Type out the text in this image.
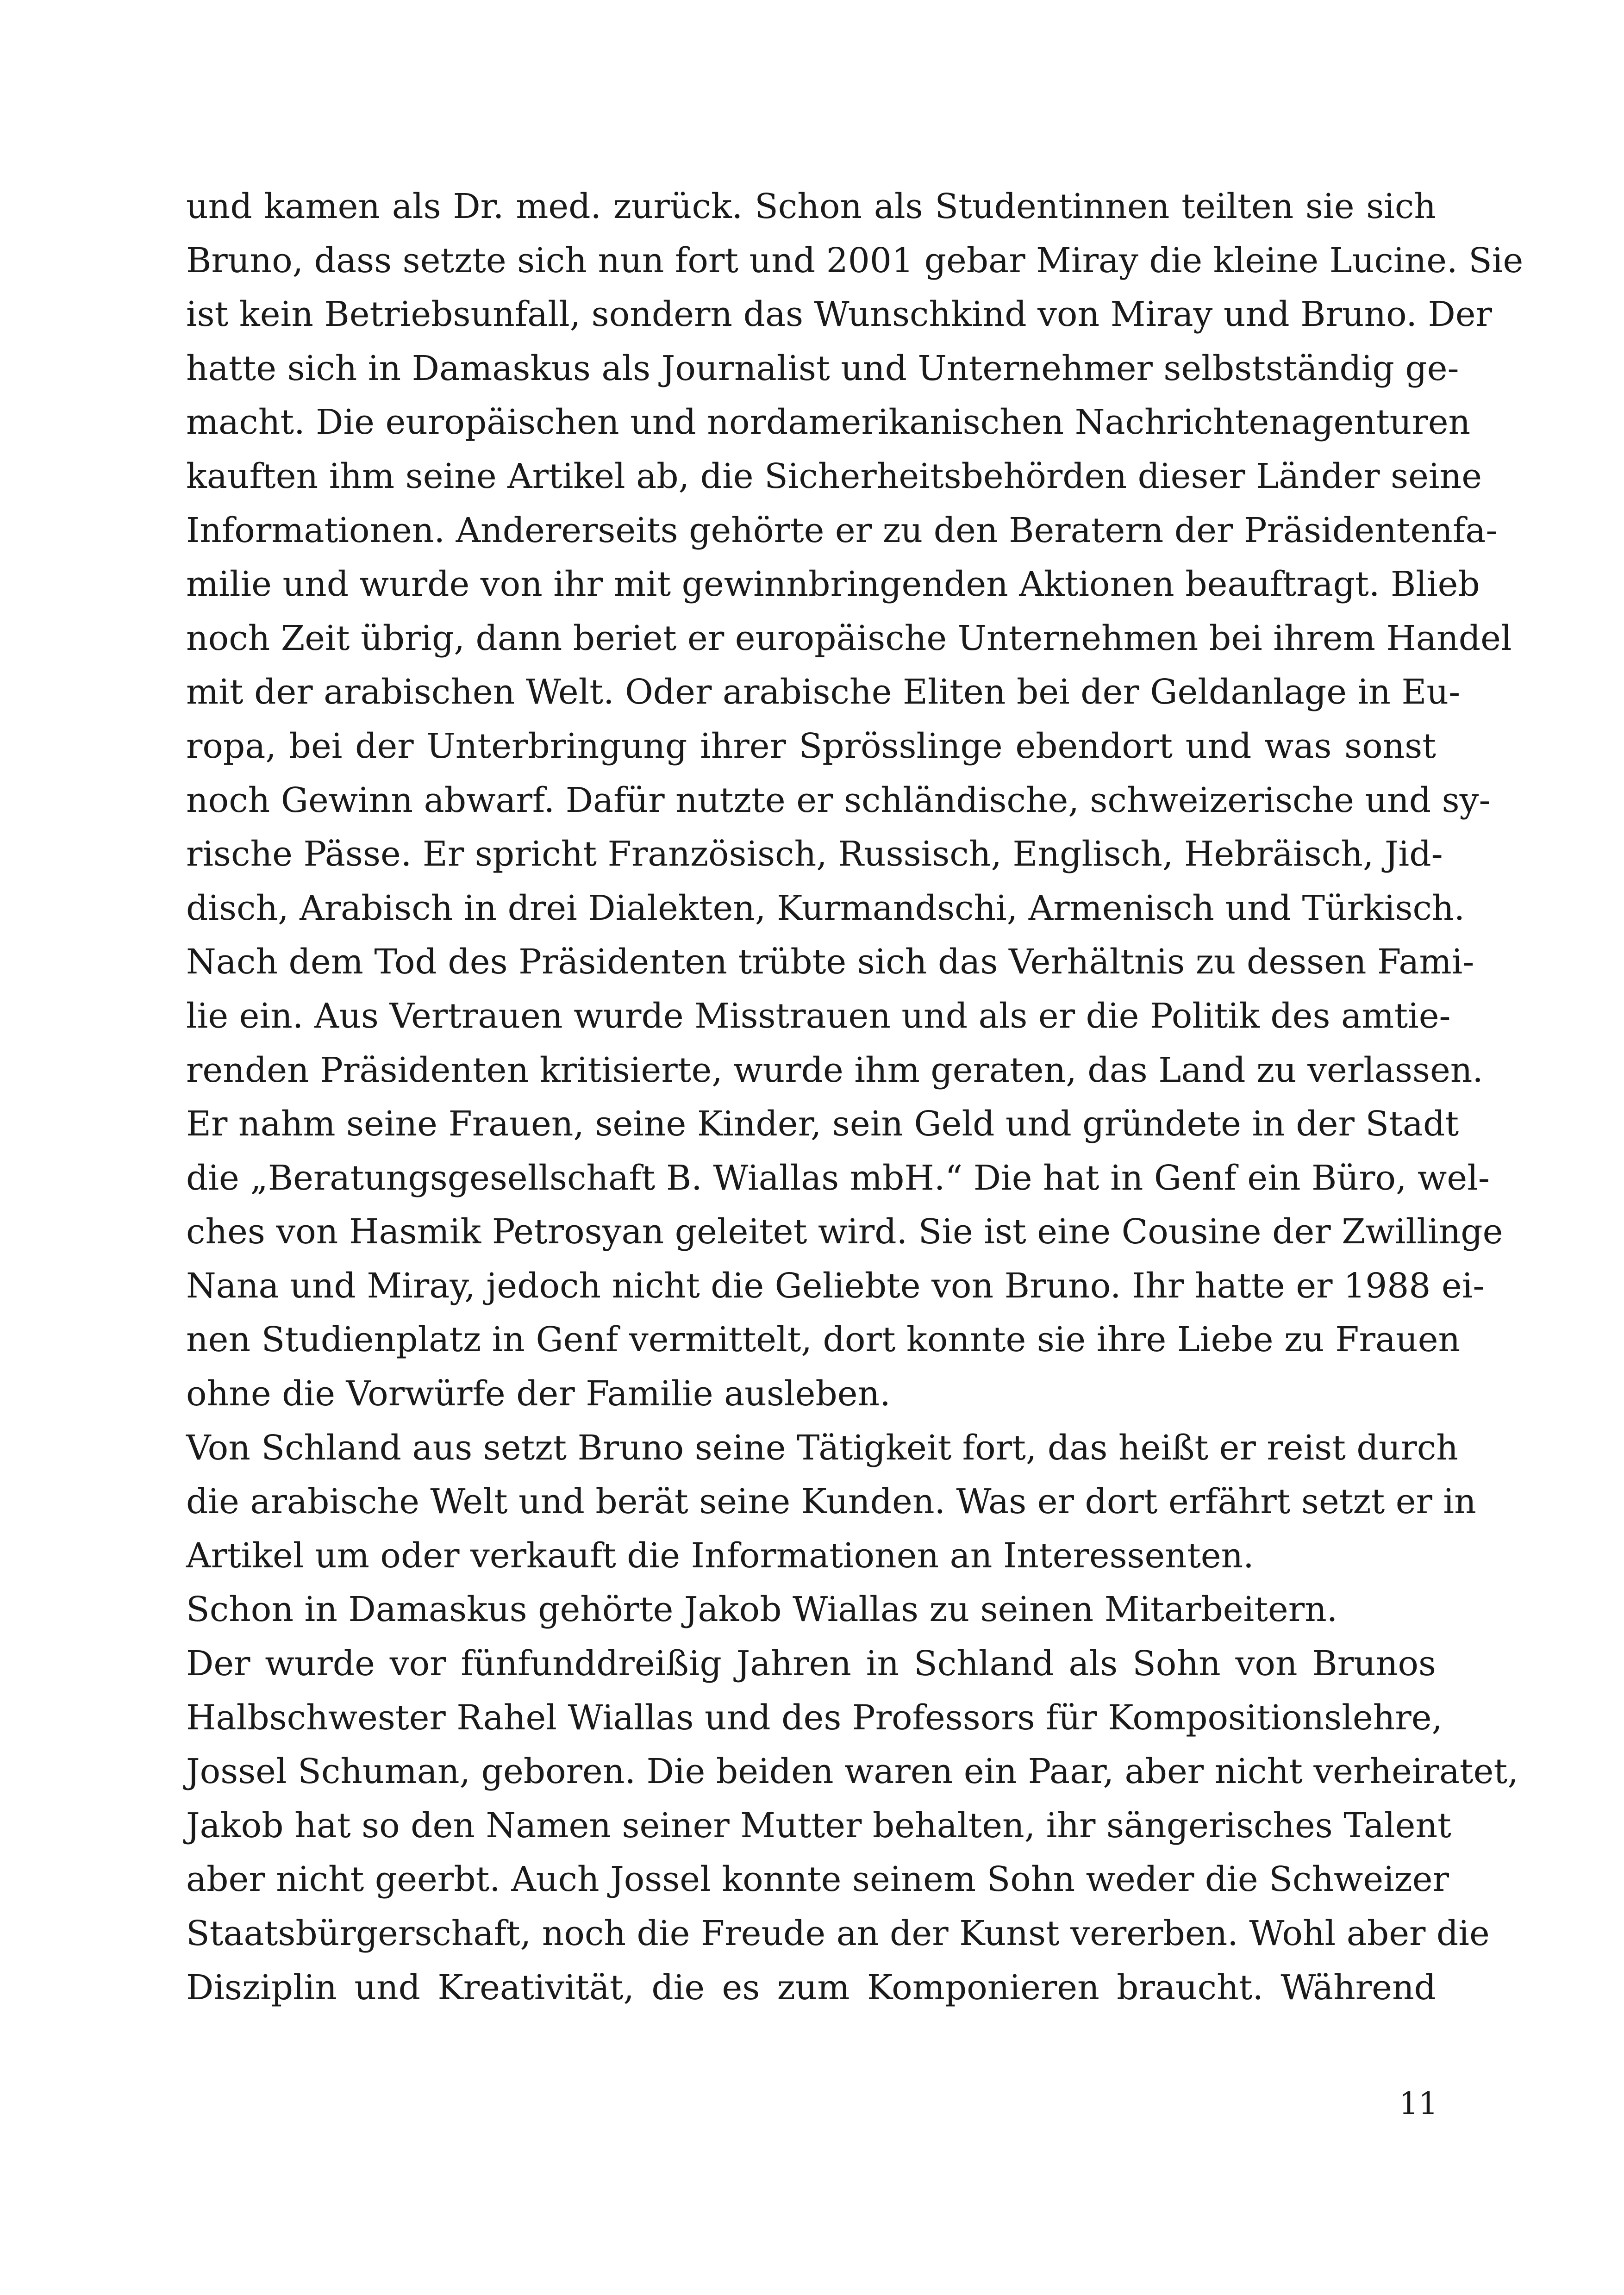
und kamen als Dr. med. zurück. Schon als Studentinnen teilten sie sich
Bruno, dass setzte sich nun fort und 2001 gebar Miray die kleine Lucine. Sie
ist kein Betriebsunfall, sondern das Wunschkind von Miray und Bruno. Der
hatte sich in Damaskus als Journalist und Unternehmer selbstständig ge-
macht. Die europäischen und nordamerikanischen Nachrichtenagenturen
kauften ihm seine Artikel ab, die Sicherheitsbehörden dieser Länder seine
Informationen. Andererseits gehörte er zu den Beratern der Präsidentenfa-
milie und wurde von ihr mit gewinnbringenden Aktionen beauftragt. Blieb
noch Zeit übrig, dann beriet er europäische Unternehmen bei ihrem Handel
mit der arabischen Welt. Oder arabische Eliten bei der Geldanlage in Eu-
ropa, bei der Unterbringung ihrer Sprösslinge ebendort und was sonst
noch Gewinn abwarf. Dafür nutzte er schländische, schweizerische und sy-
rische Pässe. Er spricht Französisch, Russisch, Englisch, Hebräisch, Jid-
disch, Arabisch in drei Dialekten, Kurmandschi, Armenisch und Türkisch.
Nach dem Tod des Präsidenten trübte sich das Verhältnis zu dessen Fami-
lie ein. Aus Vertrauen wurde Misstrauen und als er die Politik des amtie-
renden Präsidenten kritisierte, wurde ihm geraten, das Land zu verlassen.
Er nahm seine Frauen, seine Kinder, sein Geld und gründete in der Stadt
die „Beratungsgesellschaft B. Wiallas mbH.“ Die hat in Genf ein Büro, wel-
ches von Hasmik Petrosyan geleitet wird. Sie ist eine Cousine der Zwillinge
Nana und Miray, jedoch nicht die Geliebte von Bruno. Ihr hatte er 1988 ei-
nen Studienplatz in Genf vermittelt, dort konnte sie ihre Liebe zu Frauen
ohne die Vorwürfe der Familie ausleben.
Von Schland aus setzt Bruno seine Tätigkeit fort, das heißt er reist durch
die arabische Welt und berät seine Kunden. Was er dort erfährt setzt er in
Artikel um oder verkauft die Informationen an Interessenten.
Schon in Damaskus gehörte Jakob Wiallas zu seinen Mitarbeitern.
Der wurde vor fünfunddreißig Jahren in Schland als Sohn von Brunos
Halbschwester Rahel Wiallas und des Professors für Kompositionslehre,
Jossel Schuman, geboren. Die beiden waren ein Paar, aber nicht verheiratet,
Jakob hat so den Namen seiner Mutter behalten, ihr sängerisches Talent
aber nicht geerbt. Auch Jossel konnte seinem Sohn weder die Schweizer
Staatsbürgerschaft, noch die Freude an der Kunst vererben. Wohl aber die
Disziplin und Kreativität, die es zum Komponieren braucht. Während
11
